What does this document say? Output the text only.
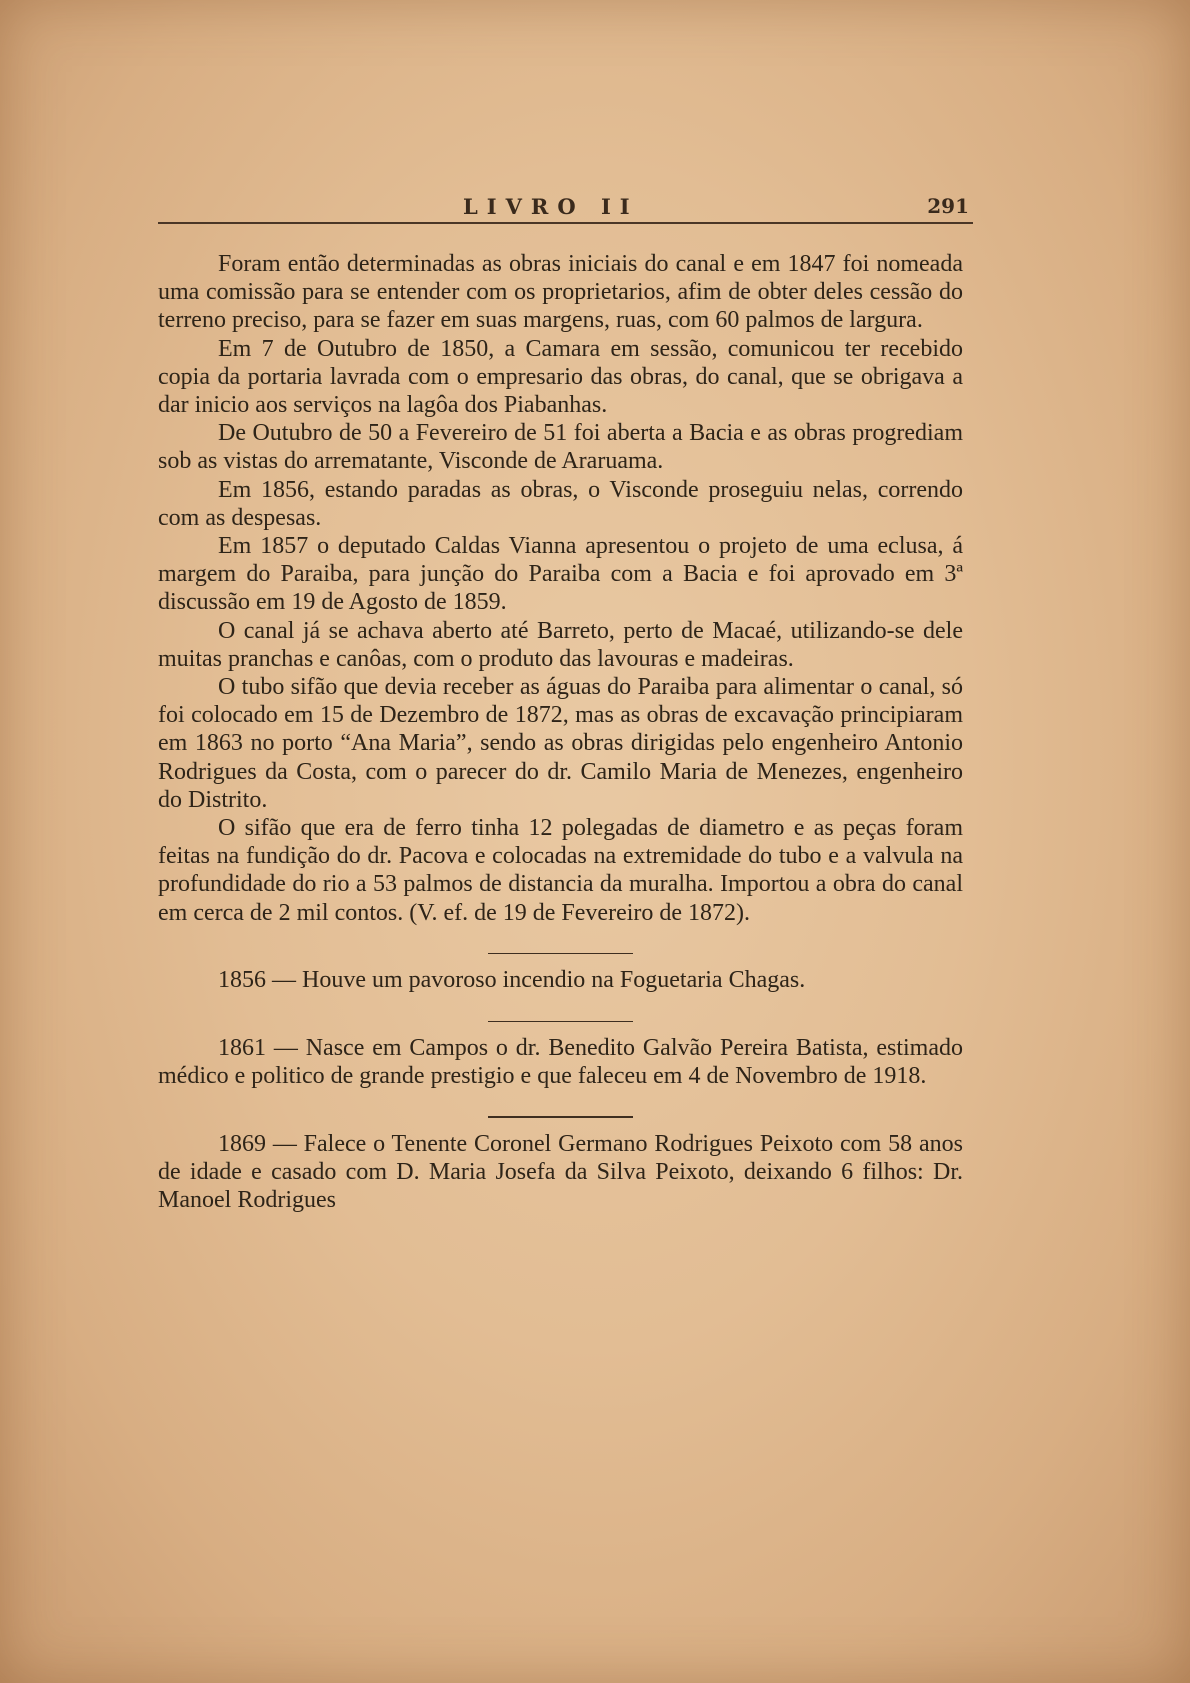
LIVRO II	291

Foram então determinadas as obras iniciais do canal e em 1847 foi nomeada uma comissão para se entender com os proprietarios, afim de obter deles cessão do terreno preciso, para se fazer em suas margens, ruas, com 60 palmos de largura.

Em 7 de Outubro de 1850, a Camara em sessão, comunicou ter recebido copia da portaria lavrada com o empresario das obras, do canal, que se obrigava a dar inicio aos serviços na lagôa dos Piabanhas.

De Outubro de 50 a Fevereiro de 51 foi aberta a Bacia e as obras progrediam sob as vistas do arrematante, Visconde de Araruama.

Em 1856, estando paradas as obras, o Visconde proseguiu nelas, correndo com as despesas.

Em 1857 o deputado Caldas Vianna apresentou o projeto de uma eclusa, á margem do Paraiba, para junção do Paraiba com a Bacia e foi aprovado em 3ª discussão em 19 de Agosto de 1859.

O canal já se achava aberto até Barreto, perto de Macaé, utilizando-se dele muitas pranchas e canôas, com o produto das lavouras e madeiras.

O tubo sifão que devia receber as águas do Paraiba para alimentar o canal, só foi colocado em 15 de Dezembro de 1872, mas as obras de excavação principiaram em 1863 no porto “Ana Maria”, sendo as obras dirigidas pelo engenheiro Antonio Rodrigues da Costa, com o parecer do dr. Camilo Maria de Menezes, engenheiro do Distrito.

O sifão que era de ferro tinha 12 polegadas de diametro e as peças foram feitas na fundição do dr. Pacova e colocadas na extremidade do tubo e a valvula na profundidade do rio a 53 palmos de distancia da muralha. Importou a obra do canal em cerca de 2 mil contos. (V. ef. de 19 de Fevereiro de 1872).

1856 — Houve um pavoroso incendio na Foguetaria Chagas.

1861 — Nasce em Campos o dr. Benedito Galvão Pereira Batista, estimado médico e politico de grande prestigio e que faleceu em 4 de Novembro de 1918.

1869 — Falece o Tenente Coronel Germano Rodrigues Peixoto com 58 anos de idade e casado com D. Maria Josefa da Silva Peixoto, deixando 6 filhos: Dr. Manoel Rodrigues
